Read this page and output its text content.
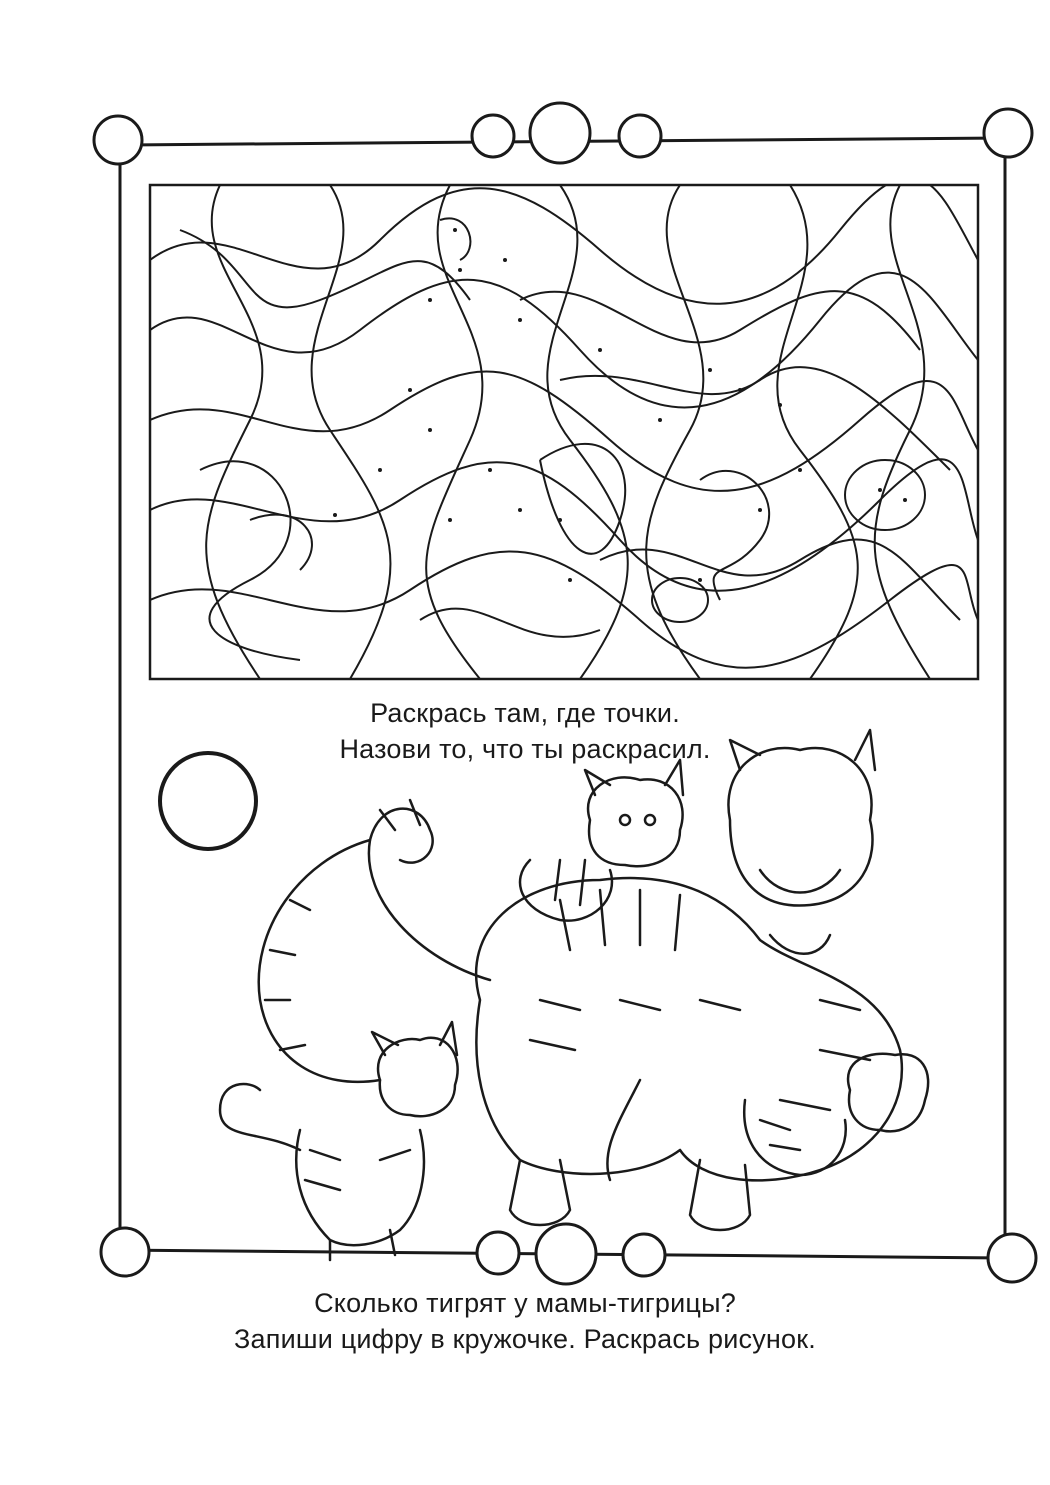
Раскрась там, где точки.
Назови то, что ты раскрасил.
Сколько тигрят у мамы-тигрицы?
Запиши цифру в кружочке. Раскрась рисунок.
